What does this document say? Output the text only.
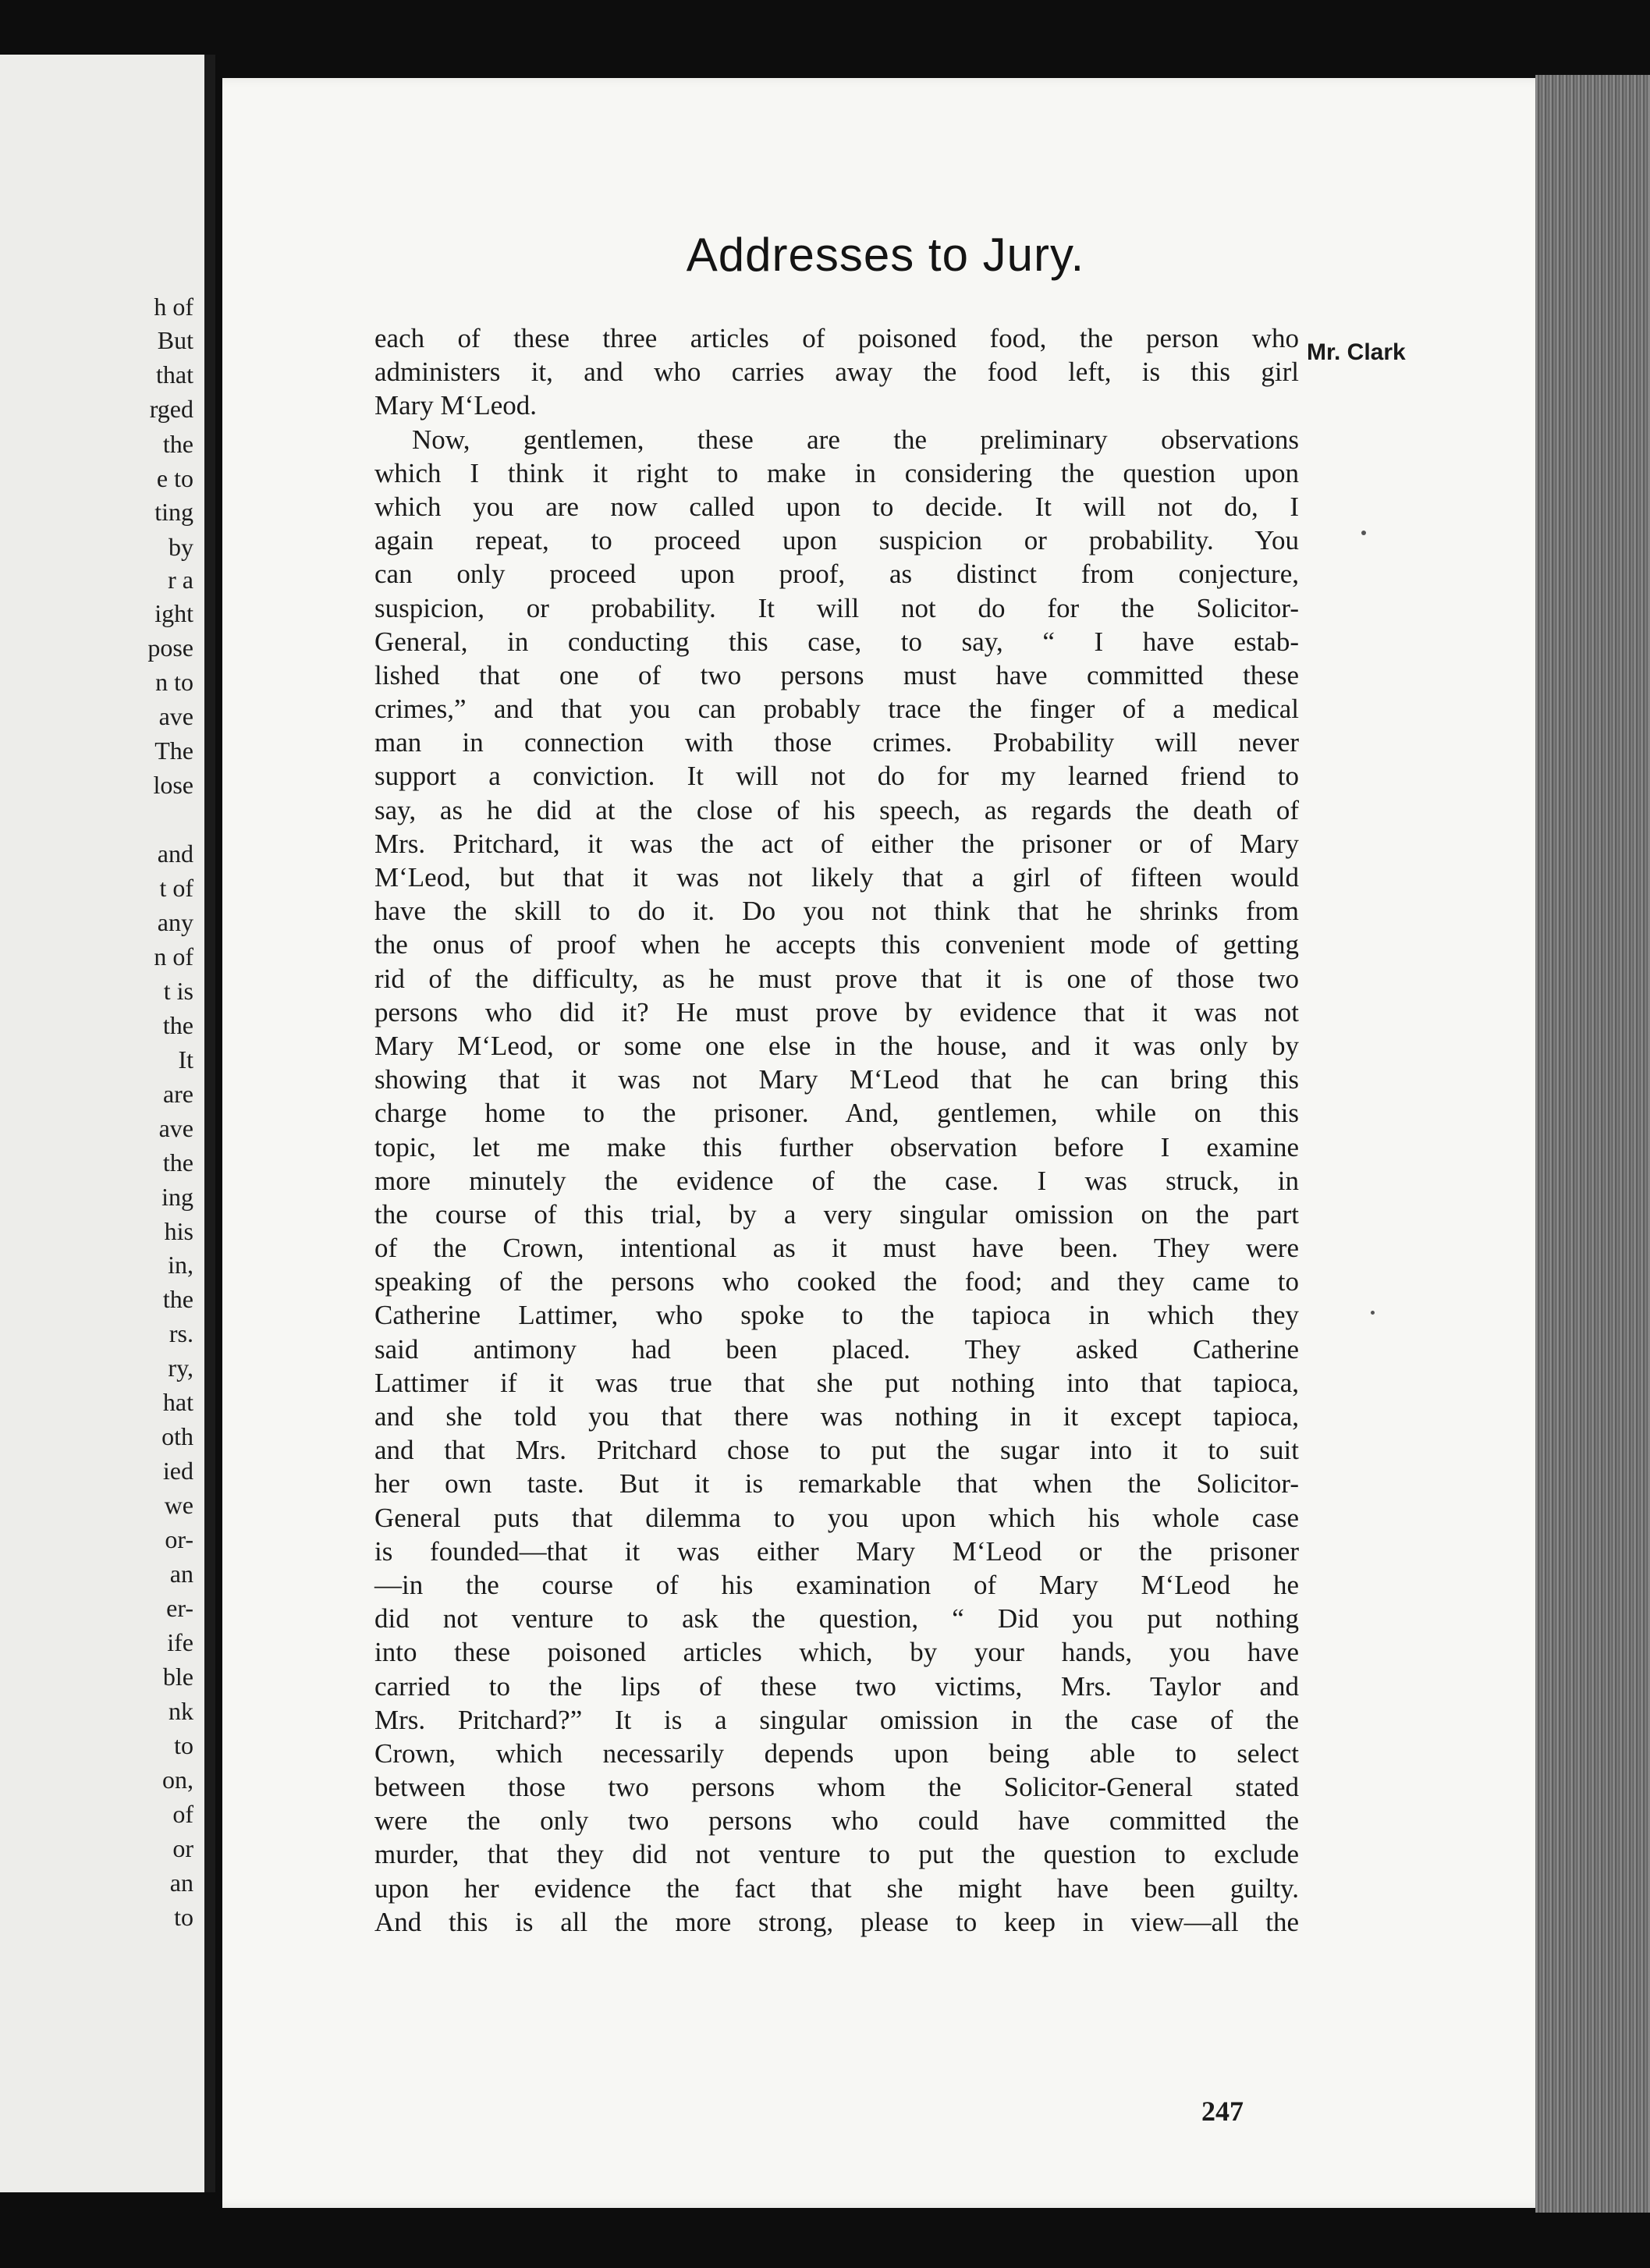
h of
But
that
rged
the
e to
ting
by
r a
ight
pose
n to
ave
The
lose
and
t of
any
n of
t is
the
It
are
ave
the
ing
his
in,
the
rs.
ry,
hat
oth
ied
we
or-
an
er-
ife
ble
nk
to
on,
of
or
an
to
Addresses to Jury.
Mr. Clark
each of these three articles of poisoned food, the person who
administers it, and who carries away the food left, is this girl
Mary M‘Leod.
Now, gentlemen, these are the preliminary observations
which I think it right to make in considering the question upon
which you are now called upon to decide. It will not do, I
again repeat, to proceed upon suspicion or probability. You
can only proceed upon proof, as distinct from conjecture,
suspicion, or probability. It will not do for the Solicitor-
General, in conducting this case, to say, “ I have estab-
lished that one of two persons must have committed these
crimes,” and that you can probably trace the finger of a medical
man in connection with those crimes. Probability will never
support a conviction. It will not do for my learned friend to
say, as he did at the close of his speech, as regards the death of
Mrs. Pritchard, it was the act of either the prisoner or of Mary
M‘Leod, but that it was not likely that a girl of fifteen would
have the skill to do it. Do you not think that he shrinks from
the onus of proof when he accepts this convenient mode of getting
rid of the difficulty, as he must prove that it is one of those two
persons who did it? He must prove by evidence that it was not
Mary M‘Leod, or some one else in the house, and it was only by
showing that it was not Mary M‘Leod that he can bring this
charge home to the prisoner. And, gentlemen, while on this
topic, let me make this further observation before I examine
more minutely the evidence of the case. I was struck, in
the course of this trial, by a very singular omission on the part
of the Crown, intentional as it must have been. They were
speaking of the persons who cooked the food; and they came to
Catherine Lattimer, who spoke to the tapioca in which they
said antimony had been placed. They asked Catherine
Lattimer if it was true that she put nothing into that tapioca,
and she told you that there was nothing in it except tapioca,
and that Mrs. Pritchard chose to put the sugar into it to suit
her own taste. But it is remarkable that when the Solicitor-
General puts that dilemma to you upon which his whole case
is founded—that it was either Mary M‘Leod or the prisoner
—in the course of his examination of Mary M‘Leod he
did not venture to ask the question, “ Did you put nothing
into these poisoned articles which, by your hands, you have
carried to the lips of these two victims, Mrs. Taylor and
Mrs. Pritchard?” It is a singular omission in the case of the
Crown, which necessarily depends upon being able to select
between those two persons whom the Solicitor-General stated
were the only two persons who could have committed the
murder, that they did not venture to put the question to exclude
upon her evidence the fact that she might have been guilty.
And this is all the more strong, please to keep in view—all the
247
